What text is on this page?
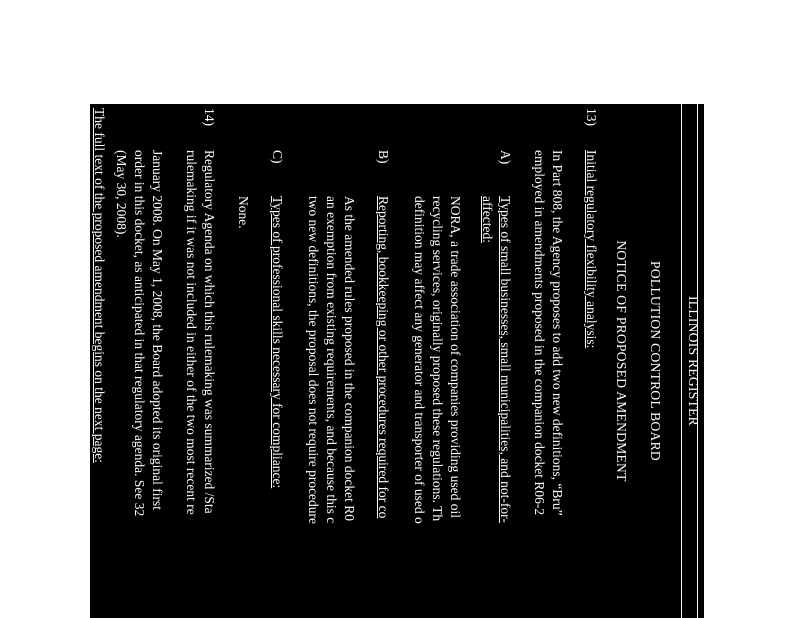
ILLINOIS REGISTER
POLLUTION CONTROL BOARD
NOTICE OF PROPOSED AMENDMENT
13)
Initial regulatory flexibility analysis:
In Part 808, the Agency proposes to add two new definitions, “Bru”
employed in amendments proposed in the companion docket R06-2
A)
Types of small businesses, small municipalities, and not-for-
affected:
NORA, a trade association of companies providing used oil
recycling services, originally proposed these regulations. Th
definition may affect any generator and transporter of used o
B)
Reporting, bookkeeping or other procedures required for co
As the amended rules proposed in the companion docket R0
an exemption from existing requirements, and because this c
two new definitions, the proposal does not require procedure
C)
Types of professional skills necessary for compliance:
None.
14)
Regulatory Agenda on which this rulemaking was summarized /Sta
rulemaking if it was not included in either of the two most recent re
January 2008. On May 1, 2008, the Board adopted its original first
order in this docket, as anticipated in that regulatory agenda. See 32
(May 30, 2008).
The full text of the proposed amendment begins on the next page:
